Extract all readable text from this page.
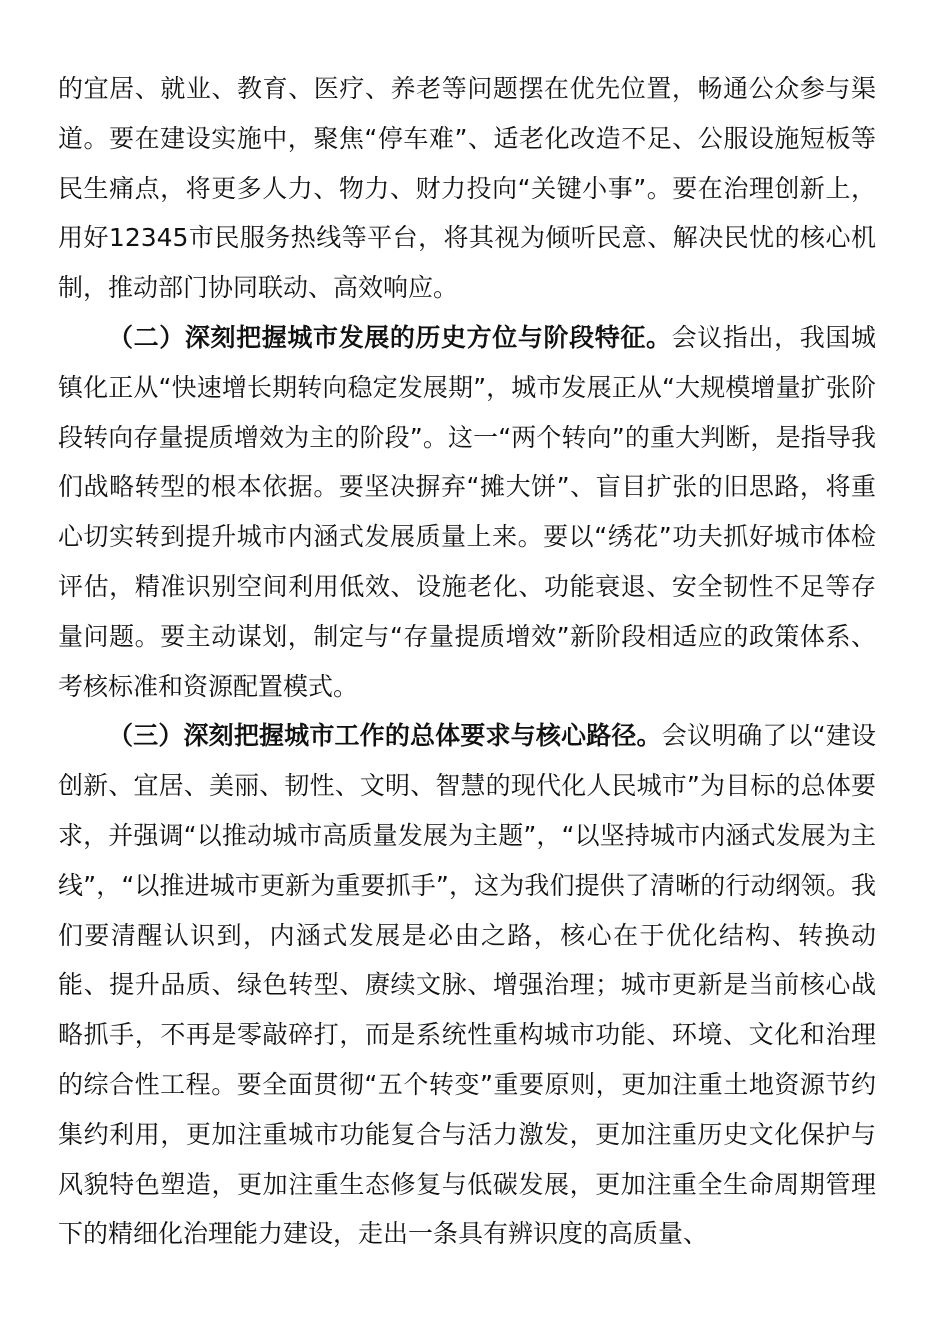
的宜居、就业、教育、医疗、养老等问题摆在优先位置，畅通公众参与渠道。要在建设实施中，聚焦“停车难”、适老化改造不足、公服设施短板等民生痛点，将更多人力、物力、财力投向“关键小事”。要在治理创新上，用好12345市民服务热线等平台，将其视为倾听民意、解决民忧的核心机制，推动部门协同联动、高效响应。

（二）深刻把握城市发展的历史方位与阶段特征。会议指出，我国城镇化正从“快速增长期转向稳定发展期”，城市发展正从“大规模增量扩张阶段转向存量提质增效为主的阶段”。这一“两个转向”的重大判断，是指导我们战略转型的根本依据。要坚决摒弃“摊大饼”、盲目扩张的旧思路，将重心切实转到提升城市内涵式发展质量上来。要以“绣花”功夫抓好城市体检评估，精准识别空间利用低效、设施老化、功能衰退、安全韧性不足等存量问题。要主动谋划，制定与“存量提质增效”新阶段相适应的政策体系、考核标准和资源配置模式。

（三）深刻把握城市工作的总体要求与核心路径。会议明确了以“建设创新、宜居、美丽、韧性、文明、智慧的现代化人民城市”为目标的总体要求，并强调“以推动城市高质量发展为主题”，“以坚持城市内涵式发展为主线”，“以推进城市更新为重要抓手”，这为我们提供了清晰的行动纲领。我们要清醒认识到，内涵式发展是必由之路，核心在于优化结构、转换动能、提升品质、绿色转型、赓续文脉、增强治理；城市更新是当前核心战略抓手，不再是零敲碎打，而是系统性重构城市功能、环境、文化和治理的综合性工程。要全面贯彻“五个转变”重要原则，更加注重土地资源节约集约利用，更加注重城市功能复合与活力激发，更加注重历史文化保护与风貌特色塑造，更加注重生态修复与低碳发展，更加注重全生命周期管理下的精细化治理能力建设，走出一条具有辨识度的高质量、
